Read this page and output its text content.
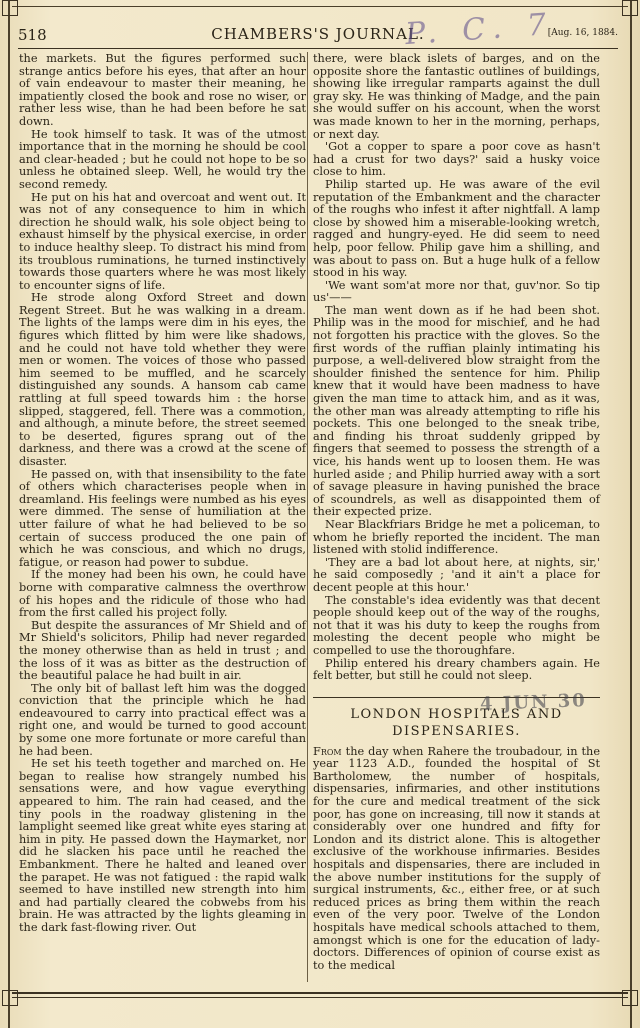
518	CHAMBERS'S JOURNAL.	[Aug. 16, 1884.
P. C. 7

the markets. But the figures performed such strange antics before his eyes, that after an hour of vain endeavour to master their meaning, he impatiently closed the book and rose no wiser, or rather less wise, than he had been before he sat down.

He took himself to task. It was of the utmost importance that in the morning he should be cool and clear-headed ; but he could not hope to be so unless he obtained sleep. Well, he would try the second remedy.

He put on his hat and overcoat and went out. It was not of any consequence to him in which direction he should walk, his sole object being to exhaust himself by the physical exercise, in order to induce healthy sleep. To distract his mind from its troublous ruminations, he turned instinctively towards those quarters where he was most likely to encounter signs of life.

He strode along Oxford Street and down Regent Street. But he was walking in a dream. The lights of the lamps were dim in his eyes, the figures which flitted by him were like shadows, and he could not have told whether they were men or women. The voices of those who passed him seemed to be muffled, and he scarcely distinguished any sounds. A hansom cab came rattling at full speed towards him : the horse slipped, staggered, fell. There was a commotion, and although, a minute before, the street seemed to be deserted, figures sprang out of the darkness, and there was a crowd at the scene of disaster.

He passed on, with that insensibility to the fate of others which characterises people when in dreamland. His feelings were numbed as his eyes were dimmed. The sense of humiliation at the utter failure of what he had believed to be so certain of success produced the one pain of which he was conscious, and which no drugs, fatigue, or reason had power to subdue.

If the money had been his own, he could have borne with comparative calmness the overthrow of his hopes and the ridicule of those who had from the first called his project folly.

But despite the assurances of Mr Shield and of Mr Shield's solicitors, Philip had never regarded the money otherwise than as held in trust ; and the loss of it was as bitter as the destruction of the beautiful palace he had built in air.

The only bit of ballast left him was the dogged conviction that the principle which he had endeavoured to carry into practical effect was a right one, and would be turned to good account by some one more fortunate or more careful than he had been.

He set his teeth together and marched on. He began to realise how strangely numbed his sensations were, and how vague everything appeared to him. The rain had ceased, and the tiny pools in the roadway glistening in the lamplight seemed like great white eyes staring at him in pity. He passed down the Haymarket, nor did he slacken his pace until he reached the Embankment. There he halted and leaned over the parapet. He was not fatigued : the rapid walk seemed to have instilled new strength into him and had partially cleared the cobwebs from his brain. He was attracted by the lights gleaming in the dark fast-flowing river. Out

there, were black islets of barges, and on the opposite shore the fantastic outlines of buildings, showing like irregular ramparts against the dull gray sky. He was thinking of Madge, and the pain she would suffer on his account, when the worst was made known to her in the morning, perhaps, or next day.

'Got a copper to spare a poor cove as hasn't had a crust for two days?' said a husky voice close to him.

Philip started up. He was aware of the evil reputation of the Embankment and the character of the roughs who infest it after nightfall. A lamp close by showed him a miserable-looking wretch, ragged and hungry-eyed. He did seem to need help, poor fellow. Philip gave him a shilling, and was about to pass on. But a huge hulk of a fellow stood in his way.

'We want som'at more nor that, guv'nor. So tip us'——

The man went down as if he had been shot. Philip was in the mood for mischief, and he had not forgotten his practice with the gloves. So the first words of the ruffian plainly intimating his purpose, a well-delivered blow straight from the shoulder finished the sentence for him. Philip knew that it would have been madness to have given the man time to attack him, and as it was, the other man was already attempting to rifle his pockets. This one belonged to the sneak tribe, and finding his throat suddenly gripped by fingers that seemed to possess the strength of a vice, his hands went up to loosen them. He was hurled aside ; and Philip hurried away with a sort of savage pleasure in having punished the brace of scoundrels, as well as disappointed them of their expected prize.

Near Blackfriars Bridge he met a policeman, to whom he briefly reported the incident. The man listened with stolid indifference.

'They are a bad lot about here, at nights, sir,' he said composedly ; 'and it ain't a place for decent people at this hour.'

The constable's idea evidently was that decent people should keep out of the way of the roughs, not that it was his duty to keep the roughs from molesting the decent people who might be compelled to use the thoroughfare.

Philip entered his dreary chambers again. He felt better, but still he could not sleep.

LONDON HOSPITALS AND
DISPENSARIES.

From the day when Rahere the troubadour, in the year 1123 A.D., founded the hospital of St Bartholomew, the number of hospitals, dispensaries, infirmaries, and other institutions for the cure and medical treatment of the sick poor, has gone on increasing, till now it stands at considerably over one hundred and fifty for London and its district alone. This is altogether exclusive of the workhouse infirmaries. Besides hospitals and dispensaries, there are included in the above number institutions for the supply of surgical instruments, &c., either free, or at such reduced prices as bring them within the reach even of the very poor. Twelve of the London hospitals have medical schools attached to them, amongst which is one for the education of lady-doctors. Differences of opinion of course exist as to the medical

4 JUN 30
